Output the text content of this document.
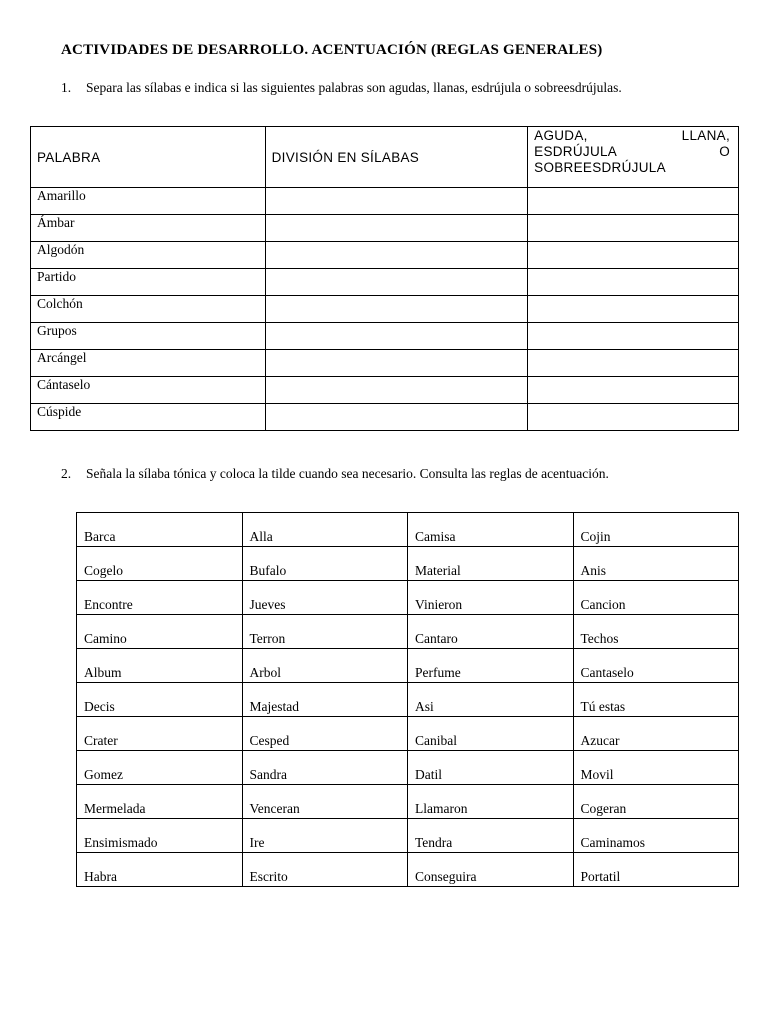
ACTIVIDADES DE DESARROLLO. ACENTUACIÓN (REGLAS GENERALES)
1. Separa las sílabas e indica si las siguientes palabras son agudas, llanas, esdrújula o sobreesdrújulas.
PALABRA	DIVISIÓN EN SÍLABAS	AGUDA, LLANA,
ESDRÚJULA O
SOBREESDRÚJULA

Amarillo		
Ámbar		
Algodón		
Partido		
Colchón		
Grupos		
Arcángel		
Cántaselo		
Cúspide		
2. Señala la sílaba tónica y coloca la tilde cuando sea necesario. Consulta las reglas de acentuación.
Barca	Alla	Camisa	Cojin
Cogelo	Bufalo	Material	Anis
Encontre	Jueves	Vinieron	Cancion
Camino	Terron	Cantaro	Techos
Album	Arbol	Perfume	Cantaselo
Decis	Majestad	Asi	Tú estas
Crater	Cesped	Canibal	Azucar
Gomez	Sandra	Datil	Movil
Mermelada	Venceran	Llamaron	Cogeran
Ensimismado	Ire	Tendra	Caminamos
Habra	Escrito	Conseguira	Portatil
